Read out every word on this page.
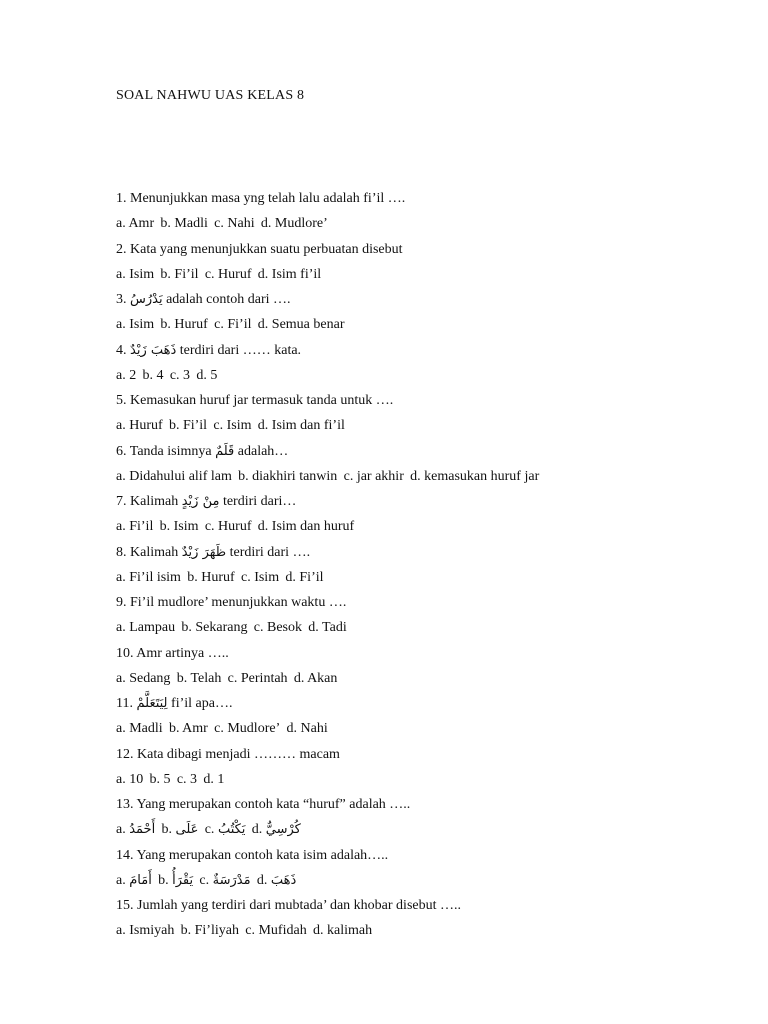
SOAL NAHWU UAS KELAS 8
1. Menunjukkan masa yng telah lalu adalah fi’il ….
a. Amr b. Madli c. Nahi d. Mudlore’
2. Kata yang menunjukkan suatu perbuatan disebut
a. Isim b. Fi’il c. Huruf d. Isim fi’il
3. يَدْرُسُ adalah contoh dari ….
a. Isim b. Huruf c. Fi’il d. Semua benar
4. ذَهَبَ زَيْدٌ terdiri dari …… kata.
a. 2 b. 4 c. 3 d. 5
5. Kemasukan huruf jar termasuk tanda untuk ….
a. Huruf b. Fi’il c. Isim d. Isim dan fi’il
6. Tanda isimnya قَلَمٌ adalah…
a. Didahului alif lam b. diakhiri tanwin c. jar akhir d. kemasukan huruf jar
7. Kalimah مِنْ زَيْدٍ terdiri dari…
a. Fi’il b. Isim c. Huruf d. Isim dan huruf
8. Kalimah ظَهَرَ زَيْدٌ terdiri dari ….
a. Fi’il isim b. Huruf c. Isim d. Fi’il
9. Fi’il mudlore’ menunjukkan waktu ….
a. Lampau b. Sekarang c. Besok d. Tadi
10. Amr artinya …..
a. Sedang b. Telah c. Perintah d. Akan
11. لِيَتَعَلَّمْ fi’il apa….
a. Madli b. Amr c. Mudlore’ d. Nahi
12. Kata dibagi menjadi ……… macam
a. 10 b. 5 c. 3 d. 1
13. Yang merupakan contoh kata “huruf” adalah …..
a. أَحْمَدُ b. عَلَى c. يَكْتُبُ d. كُرْسِيٌّ
14. Yang merupakan contoh kata isim adalah…..
a. أَمَامَ b. يَقْرَأُ c. مَدْرَسَةٌ d. ذَهَبَ
15. Jumlah yang terdiri dari mubtada’ dan khobar disebut …..
a. Ismiyah b. Fi’liyah c. Mufidah d. kalimah
